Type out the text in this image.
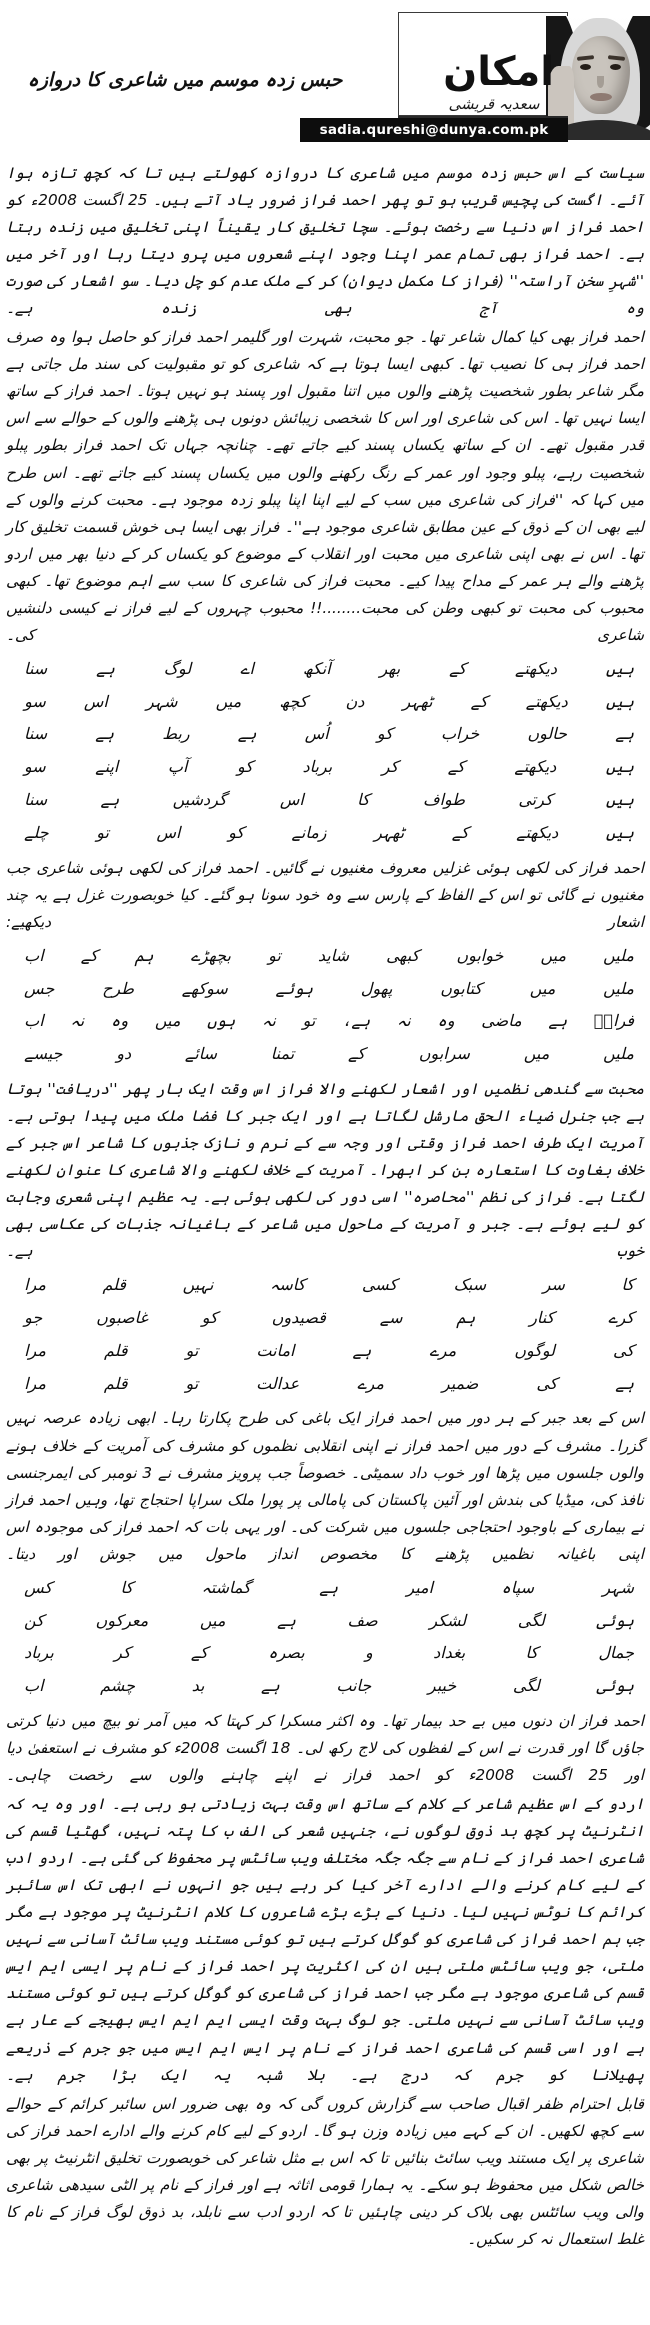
امکان
سعدیہ قریشی
sadia.qureshi@dunya.com.pk
حبس زدہ موسم میں شاعری کا دروازہ

سیاست کے اس حبس زدہ موسم میں شاعری کا دروازہ کھولتے ہیں تا کہ کچھ تازہ ہوا آئے۔ اگست کی پچیس قریب ہو تو پھر احمد فراز ضرور یاد آتے ہیں۔ 25 اگست 2008ء کو احمد فراز اس دنیا سے رخصت ہوئے۔ سچا تخلیق کار یقیناً اپنی تخلیق میں زندہ رہتا ہے۔ احمد فراز بھی تمام عمر اپنا وجود اپنے شعروں میں پرو دیتا رہا اور آخر میں ''شہرِ سخن آراستہ'' (فراز کا مکمل دیوان) کر کے ملک عدم کو چل دیا۔ سو اشعار کی صورت وہ آج بھی زندہ ہے۔

احمد فراز بھی کیا کمال شاعر تھا۔ جو محبت، شہرت اور گلیمر احمد فراز کو حاصل ہوا وہ صرف احمد فراز ہی کا نصیب تھا۔ کبھی ایسا ہوتا ہے کہ شاعری کو تو مقبولیت کی سند مل جاتی ہے مگر شاعر بطور شخصیت پڑھنے والوں میں اتنا مقبول اور پسند ہو نہیں ہوتا۔ احمد فراز کے ساتھ ایسا نہیں تھا۔ اس کی شاعری اور اس کا شخصی زیبائش دونوں ہی پڑھنے والوں کے حوالے سے اس قدر مقبول تھے۔ ان کے ساتھ یکساں پسند کیے جاتے تھے۔ چنانچہ جہاں تک احمد فراز بطور پبلو شخصیت رہے، پبلو وجود اور عمر کے رنگ رکھنے والوں میں یکساں پسند کیے جاتے تھے۔ اس طرح میں کہا کہ ''فراز کی شاعری میں سب کے لیے اپنا اپنا پبلو زدہ موجود ہے۔ محبت کرنے والوں کے لیے بھی ان کے ذوق کے عین مطابق شاعری موجود ہے''۔ فراز بھی ایسا ہی خوش قسمت تخلیق کار تھا۔ اس نے بھی اپنی شاعری میں محبت اور انقلاب کے موضوع کو یکساں کر کے دنیا بھر میں اردو پڑھنے والے ہر عمر کے مداح پیدا کیے۔ محبت فراز کی شاعری کا سب سے اہم موضوع تھا۔ کبھی محبوب کی محبت تو کبھی وطن کی محبت........!! محبوب چہروں کے لیے فراز نے کیسی دلنشیں شاعری کی۔

ہیں
دیکھتے
کے
بھر
آنکھ
اے
لوگ
ہے
سنا
ہیں
دیکھتے
کے
ٹھہر
دن
کچھ
میں
شہر
اس
سو
ہے
حالوں
خراب
کو
اُس
ہے
ربط
ہے
سنا
ہیں
دیکھتے
کے
کر
برباد
کو
آپ
اپنے
سو
ہیں
کرتی
طواف
کا
اس
گردشیں
ہے
سنا
ہیں
دیکھتے
کے
ٹھہر
زمانے
کو
اس
تو
چلے

احمد فراز کی لکھی ہوئی غزلیں معروف مغنیوں نے گائیں۔ احمد فراز کی لکھی ہوئی شاعری جب مغنیوں نے گائی تو اس کے الفاظ کے پارس سے وہ خود سونا ہو گئے۔ کیا خوبصورت غزل ہے یہ چند اشعار دیکھیے:

ملیں
میں
خوابوں
کبھی
شاید
تو
بچھڑے
ہم
کے
اب
ملیں
میں
کتابوں
پھول
ہوئے
سوکھے
طرح
جس
فرازؔ
ہے
ماضی
وہ
نہ
ہے،
تو
نہ
ہوں
میں
وہ
نہ
اب
ملیں
میں
سرابوں
کے
تمنا
سائے
دو
جیسے

محبت سے گندھی نظمیں اور اشعار لکھنے والا فراز اس وقت ایک بار پھر ''دریافت'' ہوتا ہے جب جنرل ضیاء الحق مارشل لگاتا ہے اور ایک جبر کا فضا ملک میں پیدا ہوتی ہے۔ آمریت ایک طرف احمد فراز وقتی اور وجہ سے کے نرم و نازک جذبوں کا شاعر اس جبر کے خلاف بغاوت کا استعارہ بن کر ابھرا۔ آمریت کے خلاف لکھنے والا شاعری کا عنوان لکھنے لگتا ہے۔ فراز کی نظم ''محاصرہ'' اسی دور کی لکھی ہوئی ہے۔ یہ عظیم اپنی شعری وجاہت کو لیے ہوئے ہے۔ جبر و آمریت کے ماحول میں شاعر کے باغیانہ جذبات کی عکاسی بھی خوب ہے۔

کا
سر
سبک
کسی
کاسہ
نہیں
قلم
مرا
کرے
کنار
ہم
سے
قصیدوں
کو
غاصبوں
جو
کی
لوگوں
مرے
ہے
امانت
تو
قلم
مرا
ہے
کی
ضمیر
مرے
عدالت
تو
قلم
مرا

اس کے بعد جبر کے ہر دور میں احمد فراز ایک باغی کی طرح پکارتا رہا۔ ابھی زیادہ عرصہ نہیں گزرا۔ مشرف کے دور میں احمد فراز نے اپنی انقلابی نظموں کو مشرف کی آمریت کے خلاف ہونے والوں جلسوں میں پڑھا اور خوب داد سمیٹی۔ خصوصاً جب پرویز مشرف نے 3 نومبر کی ایمرجنسی نافذ کی، میڈیا کی بندش اور آئین پاکستان کی پامالی پر پورا ملک سراپا احتجاج تھا، وہیں احمد فراز نے بیماری کے باوجود احتجاجی جلسوں میں شرکت کی۔ اور یہی بات کہ احمد فراز کی موجودہ اس اپنی باغیانہ نظمیں پڑھنے کا مخصوص انداز ماحول میں جوش اور دیتا۔

شہر
سپاہ
امیر
ہے
گماشتہ
کا
کس
ہوئی
لگی
لشکر
صف
ہے
میں
معرکوں
کن
جمال
کا
بغداد
و
بصرہ
کے
کر
برباد
ہوئی
لگی
خیبر
جانب
ہے
بد
چشم
اب

احمد فراز ان دنوں میں بے حد بیمار تھا۔ وہ اکثر مسکرا کر کہتا کہ میں آمر نو بیچ میں دنیا کرتی جاؤں گا اور قدرت نے اس کے لفظوں کی لاج رکھ لی۔ 18 اگست 2008ء کو مشرف نے استعفیٰ دیا اور 25 اگست 2008ء کو احمد فراز نے اپنے چاہنے والوں سے رخصت چاہی۔

اردو کے اس عظیم شاعر کے کلام کے ساتھ اس وقت بہت زیادتی ہو رہی ہے۔ اور وہ یہ کہ انٹرنیٹ پر کچھ بد ذوق لوگوں نے، جنہیں شعر کی الف ب کا پتہ نہیں، گھٹیا قسم کی شاعری احمد فراز کے نام سے جگہ جگہ مختلف ویب سائٹس پر محفوظ کی گئی ہے۔ اردو ادب کے لیے کام کرنے والے ادارے آخر کیا کر رہے ہیں جو انہوں نے ابھی تک اس سائبر کرائم کا نوٹس نہیں لیا۔ دنیا کے بڑے بڑے شاعروں کا کلام انٹرنیٹ پر موجود ہے مگر جب ہم احمد فراز کی شاعری کو گوگل کرتے ہیں تو کوئی مستند ویب سائٹ آسانی سے نہیں ملتی، جو ویب سائٹس ملتی ہیں ان کی اکثریت پر احمد فراز کے نام پر ایسی ایم ایس قسم کی شاعری موجود ہے مگر جب احمد فراز کی شاعری کو گوگل کرتے ہیں تو کوئی مستند ویب سائٹ آسانی سے نہیں ملتی۔ جو لوگ بہت وقت ایسی ایم ایم ایس بھیجے کے عار ہے ہے اور اسی قسم کی شاعری احمد فراز کے نام پر ایس ایم ایس میں جو جرم کے ذریعے پھیلانا کو جرم کہ درج ہے۔ بلا شبہ یہ ایک بڑا جرم ہے۔

قابل احترام ظفر اقبال صاحب سے گزارش کروں گی کہ وہ بھی ضرور اس سائبر کرائم کے حوالے سے کچھ لکھیں۔ ان کے کہے میں زیادہ وزن ہو گا۔ اردو کے لیے کام کرنے والے ادارے احمد فراز کی شاعری پر ایک مستند ویب سائٹ بنائیں تا کہ اس بے مثل شاعر کی خوبصورت تخلیق انٹرنیٹ پر بھی خالص شکل میں محفوظ ہو سکے۔ یہ ہمارا قومی اثاثہ ہے اور فراز کے نام پر الٹی سیدھی شاعری والی ویب سائٹس بھی بلاک کر دینی چاہئیں تا کہ اردو ادب سے نابلد، بد ذوق لوگ فراز کے نام کا غلط استعمال نہ کر سکیں۔
